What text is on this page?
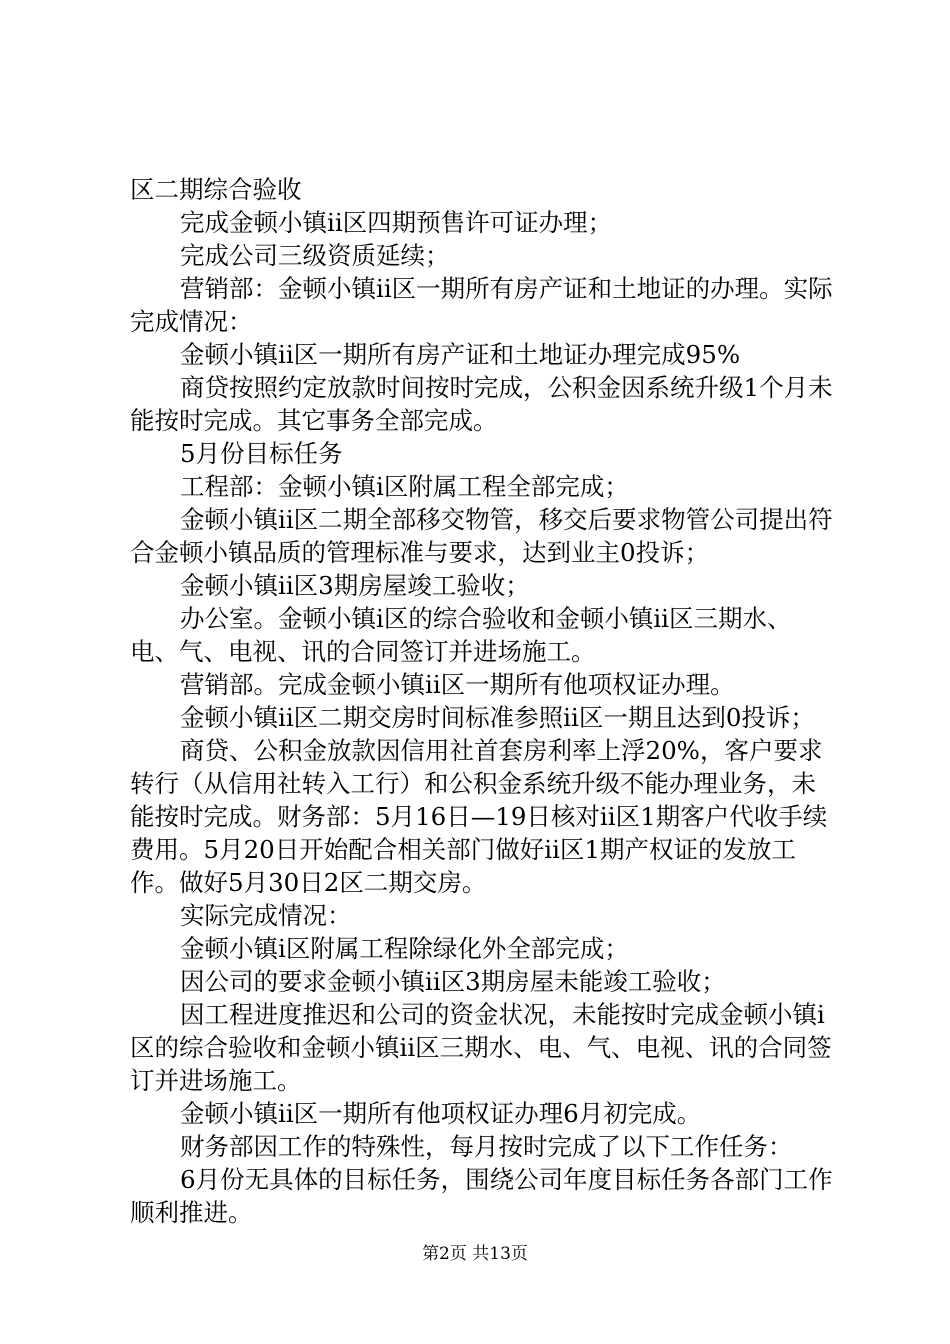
区二期综合验收

完成金顿小镇ii区四期预售许可证办理；

完成公司三级资质延续；

营销部：金顿小镇ii区一期所有房产证和土地证的办理。实际完成情况：

金顿小镇ii区一期所有房产证和土地证办理完成95%

商贷按照约定放款时间按时完成，公积金因系统升级1个月未能按时完成。其它事务全部完成。

5月份目标任务

工程部：金顿小镇i区附属工程全部完成；

金顿小镇ii区二期全部移交物管，移交后要求物管公司提出符合金顿小镇品质的管理标准与要求，达到业主0投诉；

金顿小镇ii区3期房屋竣工验收；

办公室。金顿小镇i区的综合验收和金顿小镇ii区三期水、电、气、电视、讯的合同签订并进场施工。

营销部。完成金顿小镇ii区一期所有他项权证办理。

金顿小镇ii区二期交房时间标准参照ii区一期且达到0投诉；

商贷、公积金放款因信用社首套房利率上浮20%，客户要求转行（从信用社转入工行）和公积金系统升级不能办理业务，未能按时完成。财务部：5月16日—19日核对ii区1期客户代收手续费用。5月20日开始配合相关部门做好ii区1期产权证的发放工作。做好5月30日2区二期交房。

实际完成情况：

金顿小镇i区附属工程除绿化外全部完成；

因公司的要求金顿小镇ii区3期房屋未能竣工验收；

因工程进度推迟和公司的资金状况，未能按时完成金顿小镇i区的综合验收和金顿小镇ii区三期水、电、气、电视、讯的合同签订并进场施工。

金顿小镇ii区一期所有他项权证办理6月初完成。

财务部因工作的特殊性，每月按时完成了以下工作任务：

6月份无具体的目标任务，围绕公司年度目标任务各部门工作顺利推进。

第2页 共13页
